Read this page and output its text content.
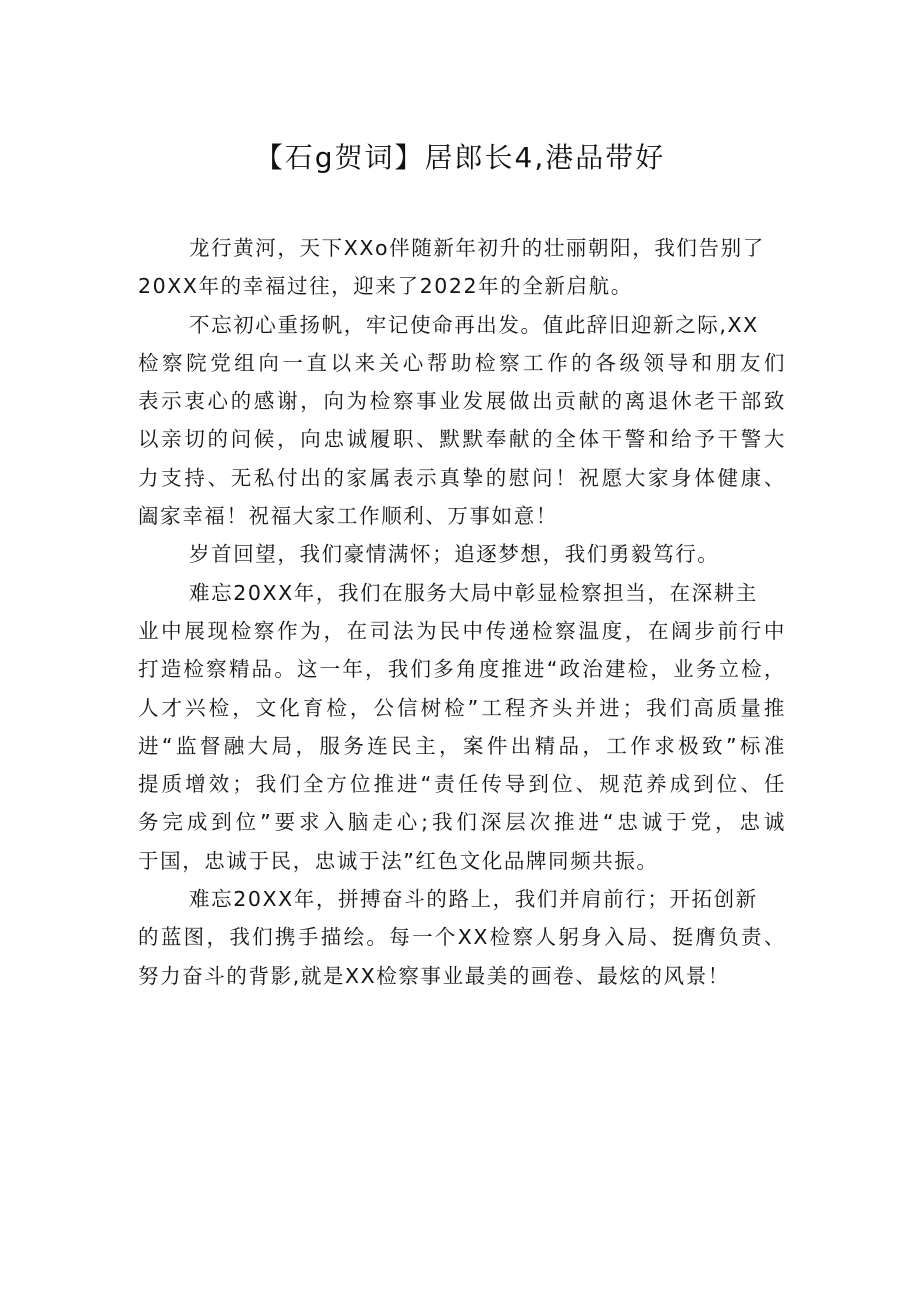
【石g贺词】居郎长4,港品带好
龙行黄河，天下XXo伴随新年初升的壮丽朝阳，我们告别了
20XX年的幸福过往，迎来了2022年的全新启航。
不忘初心重扬帆，牢记使命再出发。值此辞旧迎新之际,XX
检察院党组向一直以来关心帮助检察工作的各级领导和朋友们
表示衷心的感谢，向为检察事业发展做出贡献的离退休老干部致
以亲切的问候，向忠诚履职、默默奉献的全体干警和给予干警大
力支持、无私付出的家属表示真挚的慰问！祝愿大家身体健康、
阖家幸福！祝福大家工作顺利、万事如意！
岁首回望，我们豪情满怀；追逐梦想，我们勇毅笃行。
难忘20XX年，我们在服务大局中彰显检察担当，在深耕主
业中展现检察作为，在司法为民中传递检察温度，在阔步前行中
打造检察精品。这一年，我们多角度推进“政治建检，业务立检，
人才兴检，文化育检，公信树检”工程齐头并进；我们高质量推
进“监督融大局，服务连民主，案件出精品，工作求极致”标准
提质增效；我们全方位推进“责任传导到位、规范养成到位、任
务完成到位”要求入脑走心;我们深层次推进“忠诚于党，忠诚
于国，忠诚于民，忠诚于法”红色文化品牌同频共振。
难忘20XX年，拼搏奋斗的路上，我们并肩前行；开拓创新
的蓝图，我们携手描绘。每一个XX检察人躬身入局、挺膺负责、
努力奋斗的背影,就是XX检察事业最美的画卷、最炫的风景！
